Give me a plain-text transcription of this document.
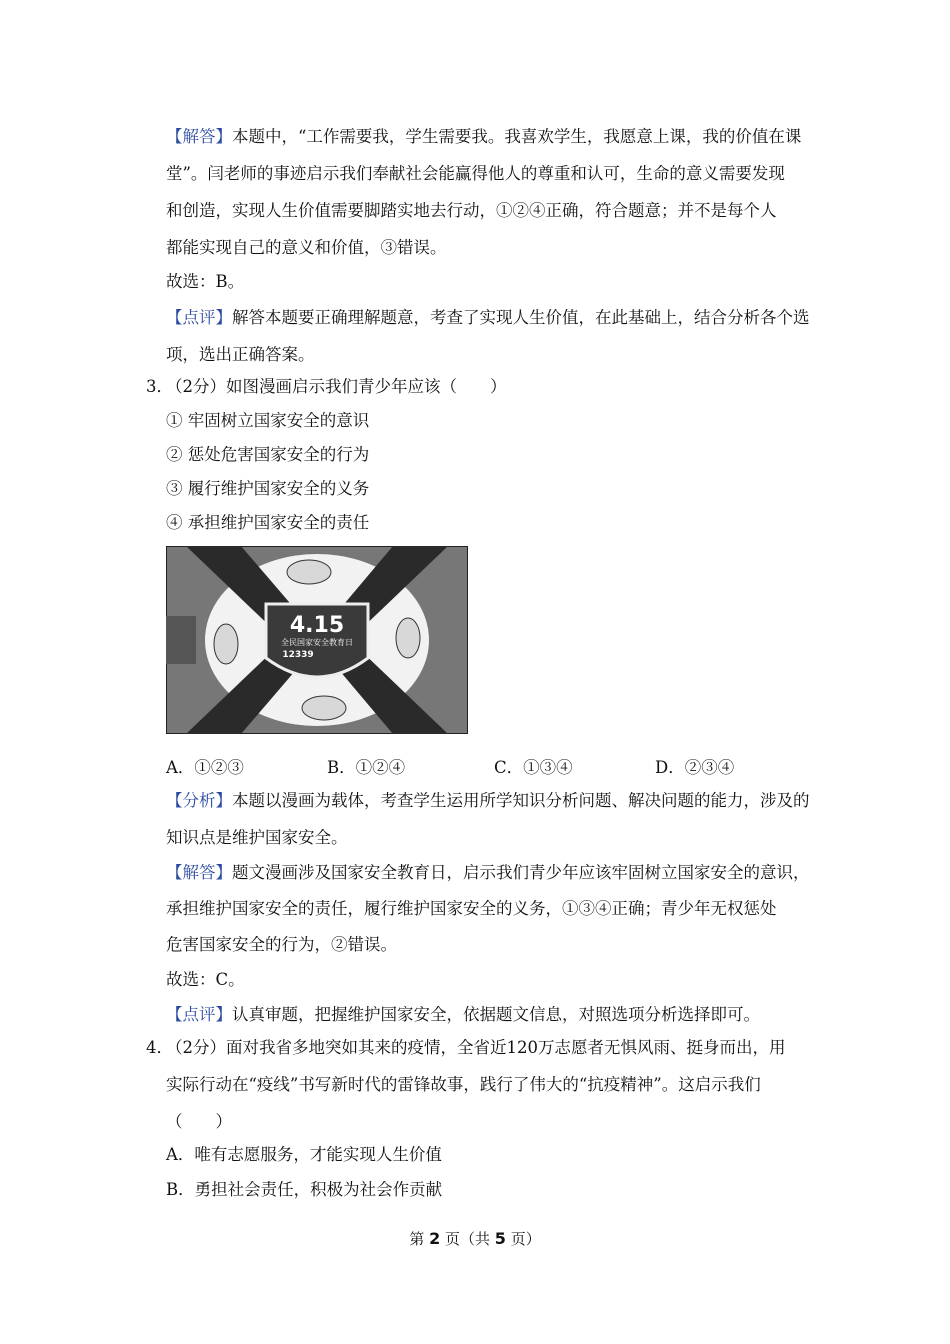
【解答】本题中，“工作需要我，学生需要我。我喜欢学生，我愿意上课，我的价值在课
堂”。闫老师的事迹启示我们奉献社会能赢得他人的尊重和认可，生命的意义需要发现
和创造，实现人生价值需要脚踏实地去行动，①②④正确，符合题意；并不是每个人
都能实现自己的意义和价值，③错误。
故选：B。
【点评】解答本题要正确理解题意，考查了实现人生价值，在此基础上，结合分析各个选
项，选出正确答案。
3．
（2分）如图漫画启示我们青少年应该（　　）
① 牢固树立国家安全的意识
② 惩处危害国家安全的行为
③ 履行维护国家安全的义务
④ 承担维护国家安全的责任
4.15
全民国家安全教育日
12339
A．①②③	B．①②④	C．①③④	D．②③④
【分析】本题以漫画为载体，考查学生运用所学知识分析问题、解决问题的能力，涉及的
知识点是维护国家安全。
【解答】题文漫画涉及国家安全教育日，启示我们青少年应该牢固树立国家安全的意识，
承担维护国家安全的责任，履行维护国家安全的义务，①③④正确；青少年无权惩处
危害国家安全的行为，②错误。
故选：C。
【点评】认真审题，把握维护国家安全，依据题文信息，对照选项分析选择即可。
4．
（2分）面对我省多地突如其来的疫情，全省近120万志愿者无惧风雨、挺身而出，用
实际行动在“疫线”书写新时代的雷锋故事，践行了伟大的“抗疫精神”。这启示我们
（　　）
A．唯有志愿服务，才能实现人生价值
B．勇担社会责任，积极为社会作贡献
第 2 页（共 5 页）
